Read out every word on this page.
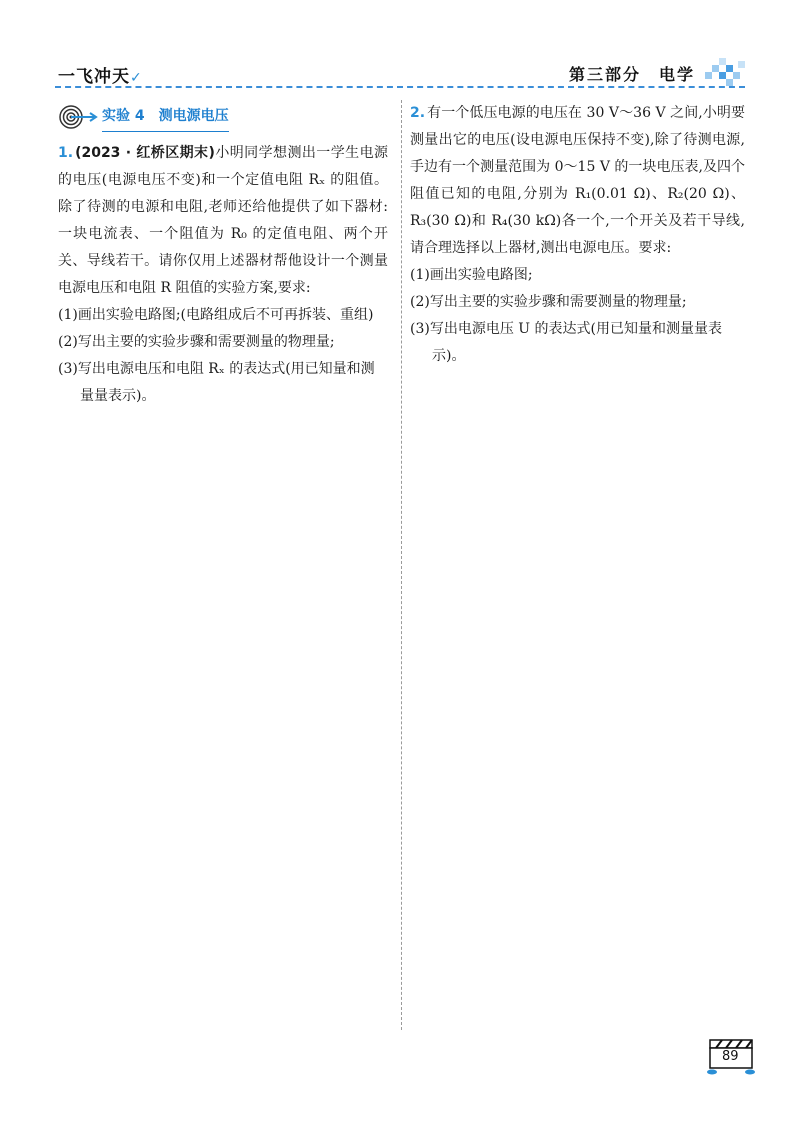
一飞冲天✓	第三部分 电学
实验 4　测电源电压

1. (2023 · 红桥区期末)小明同学想测出一学生电源的电压(电源电压不变)和一个定值电阻 Rₓ 的阻值。除了待测的电源和电阻,老师还给他提供了如下器材:一块电流表、一个阻值为 R₀ 的定值电阻、两个开关、导线若干。请你仅用上述器材帮他设计一个测量电源电压和电阻 R 阻值的实验方案,要求:

(1)画出实验电路图;(电路组成后不可再拆装、重组)

(2)写出主要的实验步骤和需要测量的物理量;

(3)写出电源电压和电阻 Rₓ 的表达式(用已知量和测量量表示)。

2. 有一个低压电源的电压在 30 V～36 V 之间,小明要测量出它的电压(设电源电压保持不变),除了待测电源,手边有一个测量范围为 0～15 V 的一块电压表,及四个阻值已知的电阻,分别为 R₁(0.01 Ω)、R₂(20 Ω)、R₃(30 Ω)和 R₄(30 kΩ)各一个,一个开关及若干导线,请合理选择以上器材,测出电源电压。要求:

(1)画出实验电路图;

(2)写出主要的实验步骤和需要测量的物理量;

(3)写出电源电压 U 的表达式(用已知量和测量量表示)。

89
